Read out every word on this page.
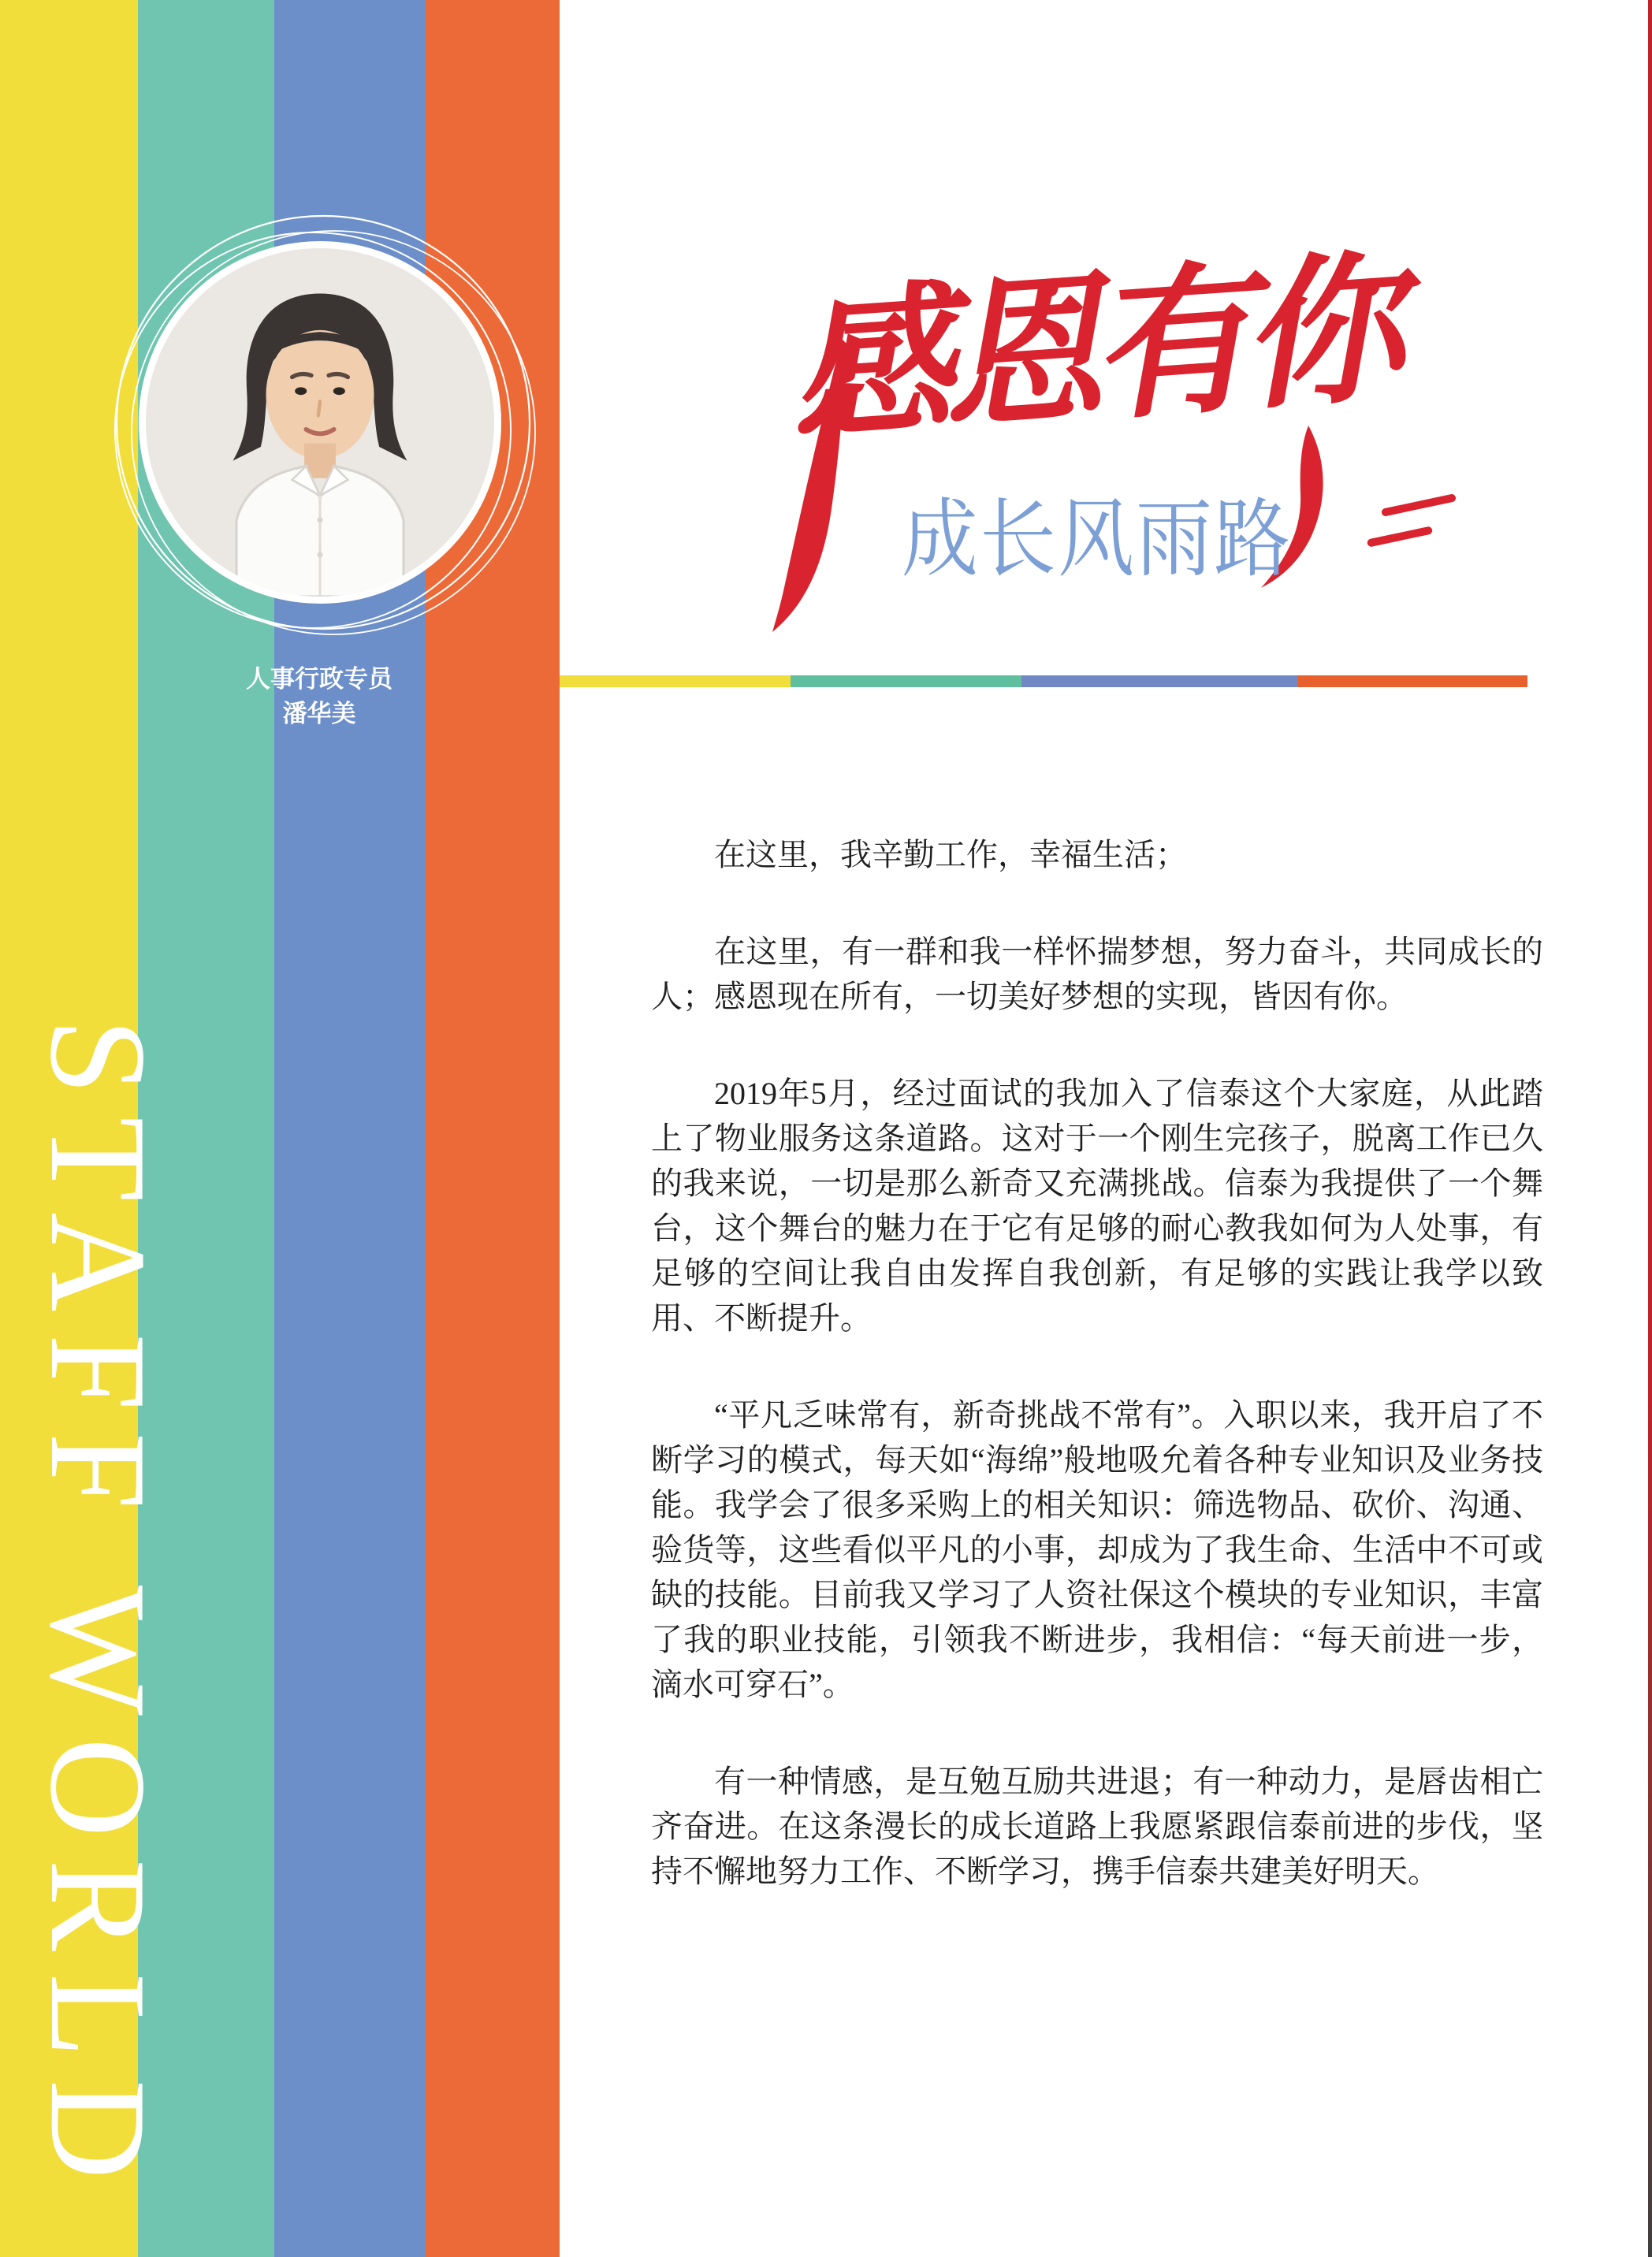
STAFF WORLD
人事行政专员
潘华美
感恩有你
成长风雨路

在这里，我辛勤工作，幸福生活；

在这里，有一群和我一样怀揣梦想，努力奋斗，共同成长的人；感恩现在所有，一切美好梦想的实现，皆因有你。

2019年5月，经过面试的我加入了信泰这个大家庭，从此踏上了物业服务这条道路。这对于一个刚生完孩子，脱离工作已久的我来说，一切是那么新奇又充满挑战。信泰为我提供了一个舞台，这个舞台的魅力在于它有足够的耐心教我如何为人处事，有足够的空间让我自由发挥自我创新，有足够的实践让我学以致用、不断提升。

“平凡乏味常有，新奇挑战不常有”。入职以来，我开启了不断学习的模式，每天如“海绵”般地吸允着各种专业知识及业务技能。我学会了很多采购上的相关知识：筛选物品、砍价、沟通、验货等，这些看似平凡的小事，却成为了我生命、生活中不可或缺的技能。目前我又学习了人资社保这个模块的专业知识，丰富了我的职业技能，引领我不断进步，我相信：“每天前进一步，滴水可穿石”。

有一种情感，是互勉互励共进退；有一种动力，是唇齿相亡齐奋进。在这条漫长的成长道路上我愿紧跟信泰前进的步伐，坚持不懈地努力工作、不断学习，携手信泰共建美好明天。
